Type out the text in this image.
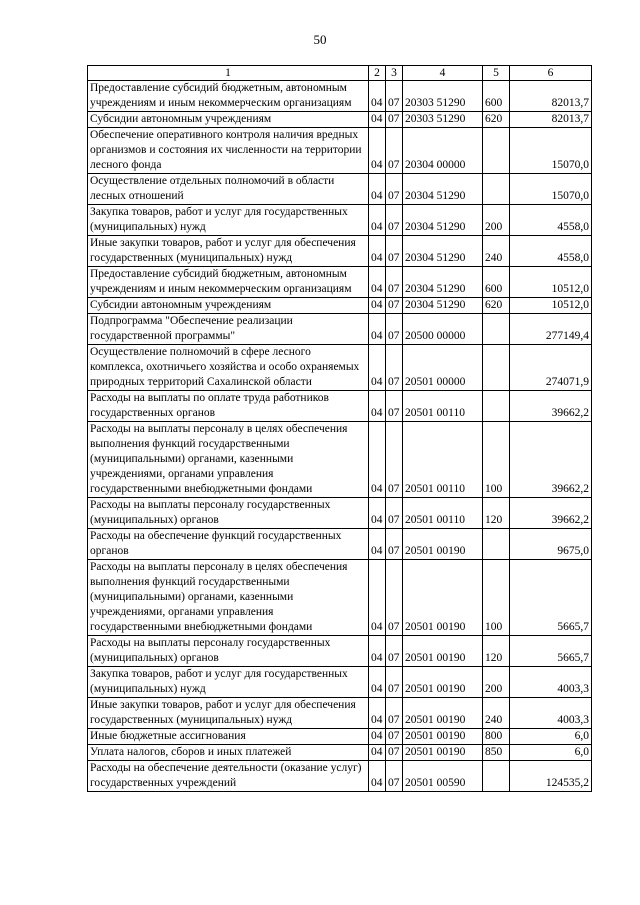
50
1	2	3	4	5	6
Предоставление субсидий бюджетным, автономным учреждениям и иным некоммерческим организациям	04	07	20303 51290	600	82013,7
Субсидии автономным учреждениям	04	07	20303 51290	620	82013,7
Обеспечение оперативного контроля наличия вредных организмов и состояния их численности на территории лесного фонда	04	07	20304 00000		15070,0
Осуществление отдельных полномочий в области лесных отношений	04	07	20304 51290		15070,0
Закупка товаров, работ и услуг для государственных (муниципальных) нужд	04	07	20304 51290	200	4558,0
Иные закупки товаров, работ и услуг для обеспечения государственных (муниципальных) нужд	04	07	20304 51290	240	4558,0
Предоставление субсидий бюджетным, автономным учреждениям и иным некоммерческим организациям	04	07	20304 51290	600	10512,0
Субсидии автономным учреждениям	04	07	20304 51290	620	10512,0
Подпрограмма "Обеспечение реализации государственной программы"	04	07	20500 00000		277149,4
Осуществление полномочий в сфере лесного комплекса, охотничьего хозяйства и особо охраняемых природных территорий Сахалинской области	04	07	20501 00000		274071,9
Расходы на выплаты по оплате труда работников государственных органов	04	07	20501 00110		39662,2
Расходы на выплаты персоналу в целях обеспечения выполнения функций государственными (муниципальными) органами, казенными учреждениями, органами управления государственными внебюджетными фондами	04	07	20501 00110	100	39662,2
Расходы на выплаты персоналу государственных (муниципальных) органов	04	07	20501 00110	120	39662,2
Расходы на обеспечение функций государственных органов	04	07	20501 00190		9675,0
Расходы на выплаты персоналу в целях обеспечения выполнения функций государственными (муниципальными) органами, казенными учреждениями, органами управления государственными внебюджетными фондами	04	07	20501 00190	100	5665,7
Расходы на выплаты персоналу государственных (муниципальных) органов	04	07	20501 00190	120	5665,7
Закупка товаров, работ и услуг для государственных (муниципальных) нужд	04	07	20501 00190	200	4003,3
Иные закупки товаров, работ и услуг для обеспечения государственных (муниципальных) нужд	04	07	20501 00190	240	4003,3
Иные бюджетные ассигнования	04	07	20501 00190	800	6,0
Уплата налогов, сборов и иных платежей	04	07	20501 00190	850	6,0
Расходы на обеспечение деятельности (оказание услуг) государственных учреждений	04	07	20501 00590		124535,2
